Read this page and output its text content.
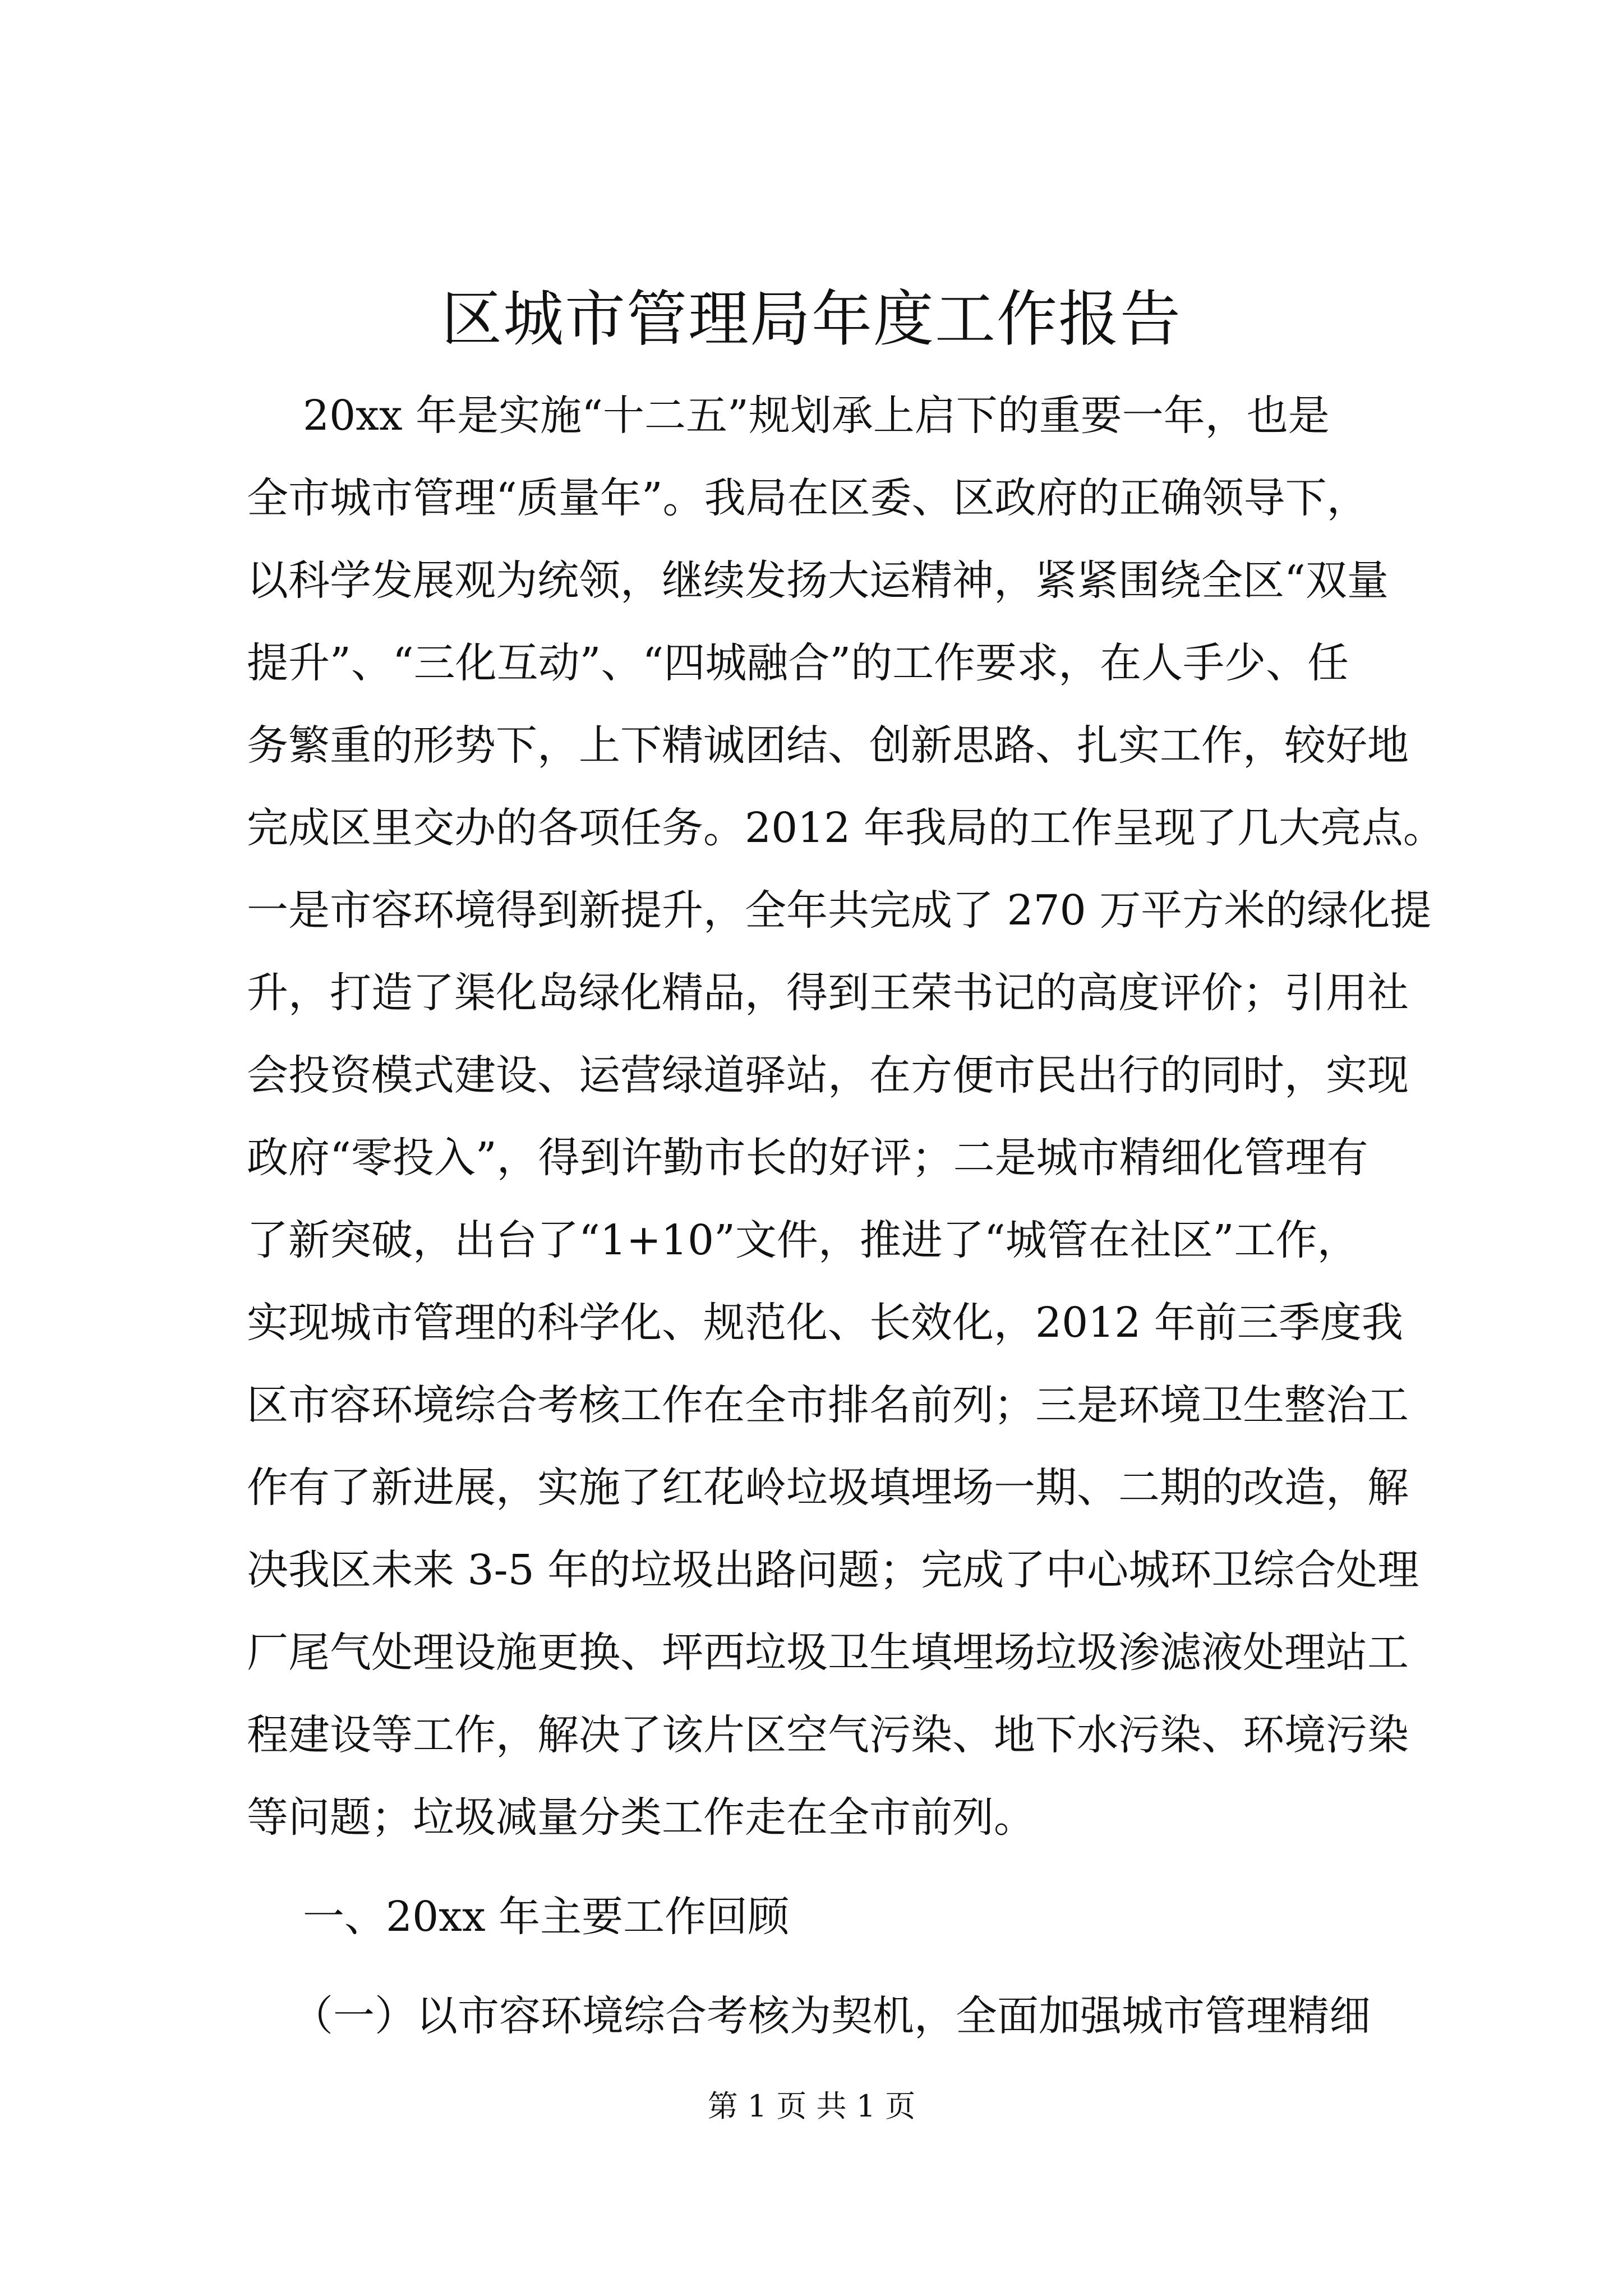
区城市管理局年度工作报告
20xx 年是实施“十二五”规划承上启下的重要一年，也是
全市城市管理“质量年”。我局在区委、区政府的正确领导下，
以科学发展观为统领，继续发扬大运精神，紧紧围绕全区“双量
提升”、“三化互动”、“四城融合”的工作要求，在人手少、任
务繁重的形势下，上下精诚团结、创新思路、扎实工作，较好地
完成区里交办的各项任务。2012 年我局的工作呈现了几大亮点。
一是市容环境得到新提升，全年共完成了 270 万平方米的绿化提
升，打造了渠化岛绿化精品，得到王荣书记的高度评价；引用社
会投资模式建设、运营绿道驿站，在方便市民出行的同时，实现
政府“零投入”，得到许勤市长的好评；二是城市精细化管理有
了新突破，出台了“1+10”文件，推进了“城管在社区”工作，
实现城市管理的科学化、规范化、长效化，2012 年前三季度我
区市容环境综合考核工作在全市排名前列；三是环境卫生整治工
作有了新进展，实施了红花岭垃圾填埋场一期、二期的改造，解
决我区未来 3-5 年的垃圾出路问题；完成了中心城环卫综合处理
厂尾气处理设施更换、坪西垃圾卫生填埋场垃圾渗滤液处理站工
程建设等工作，解决了该片区空气污染、地下水污染、环境污染
等问题；垃圾减量分类工作走在全市前列。
一、20xx 年主要工作回顾
（一）以市容环境综合考核为契机，全面加强城市管理精细
第 1 页 共 1 页
